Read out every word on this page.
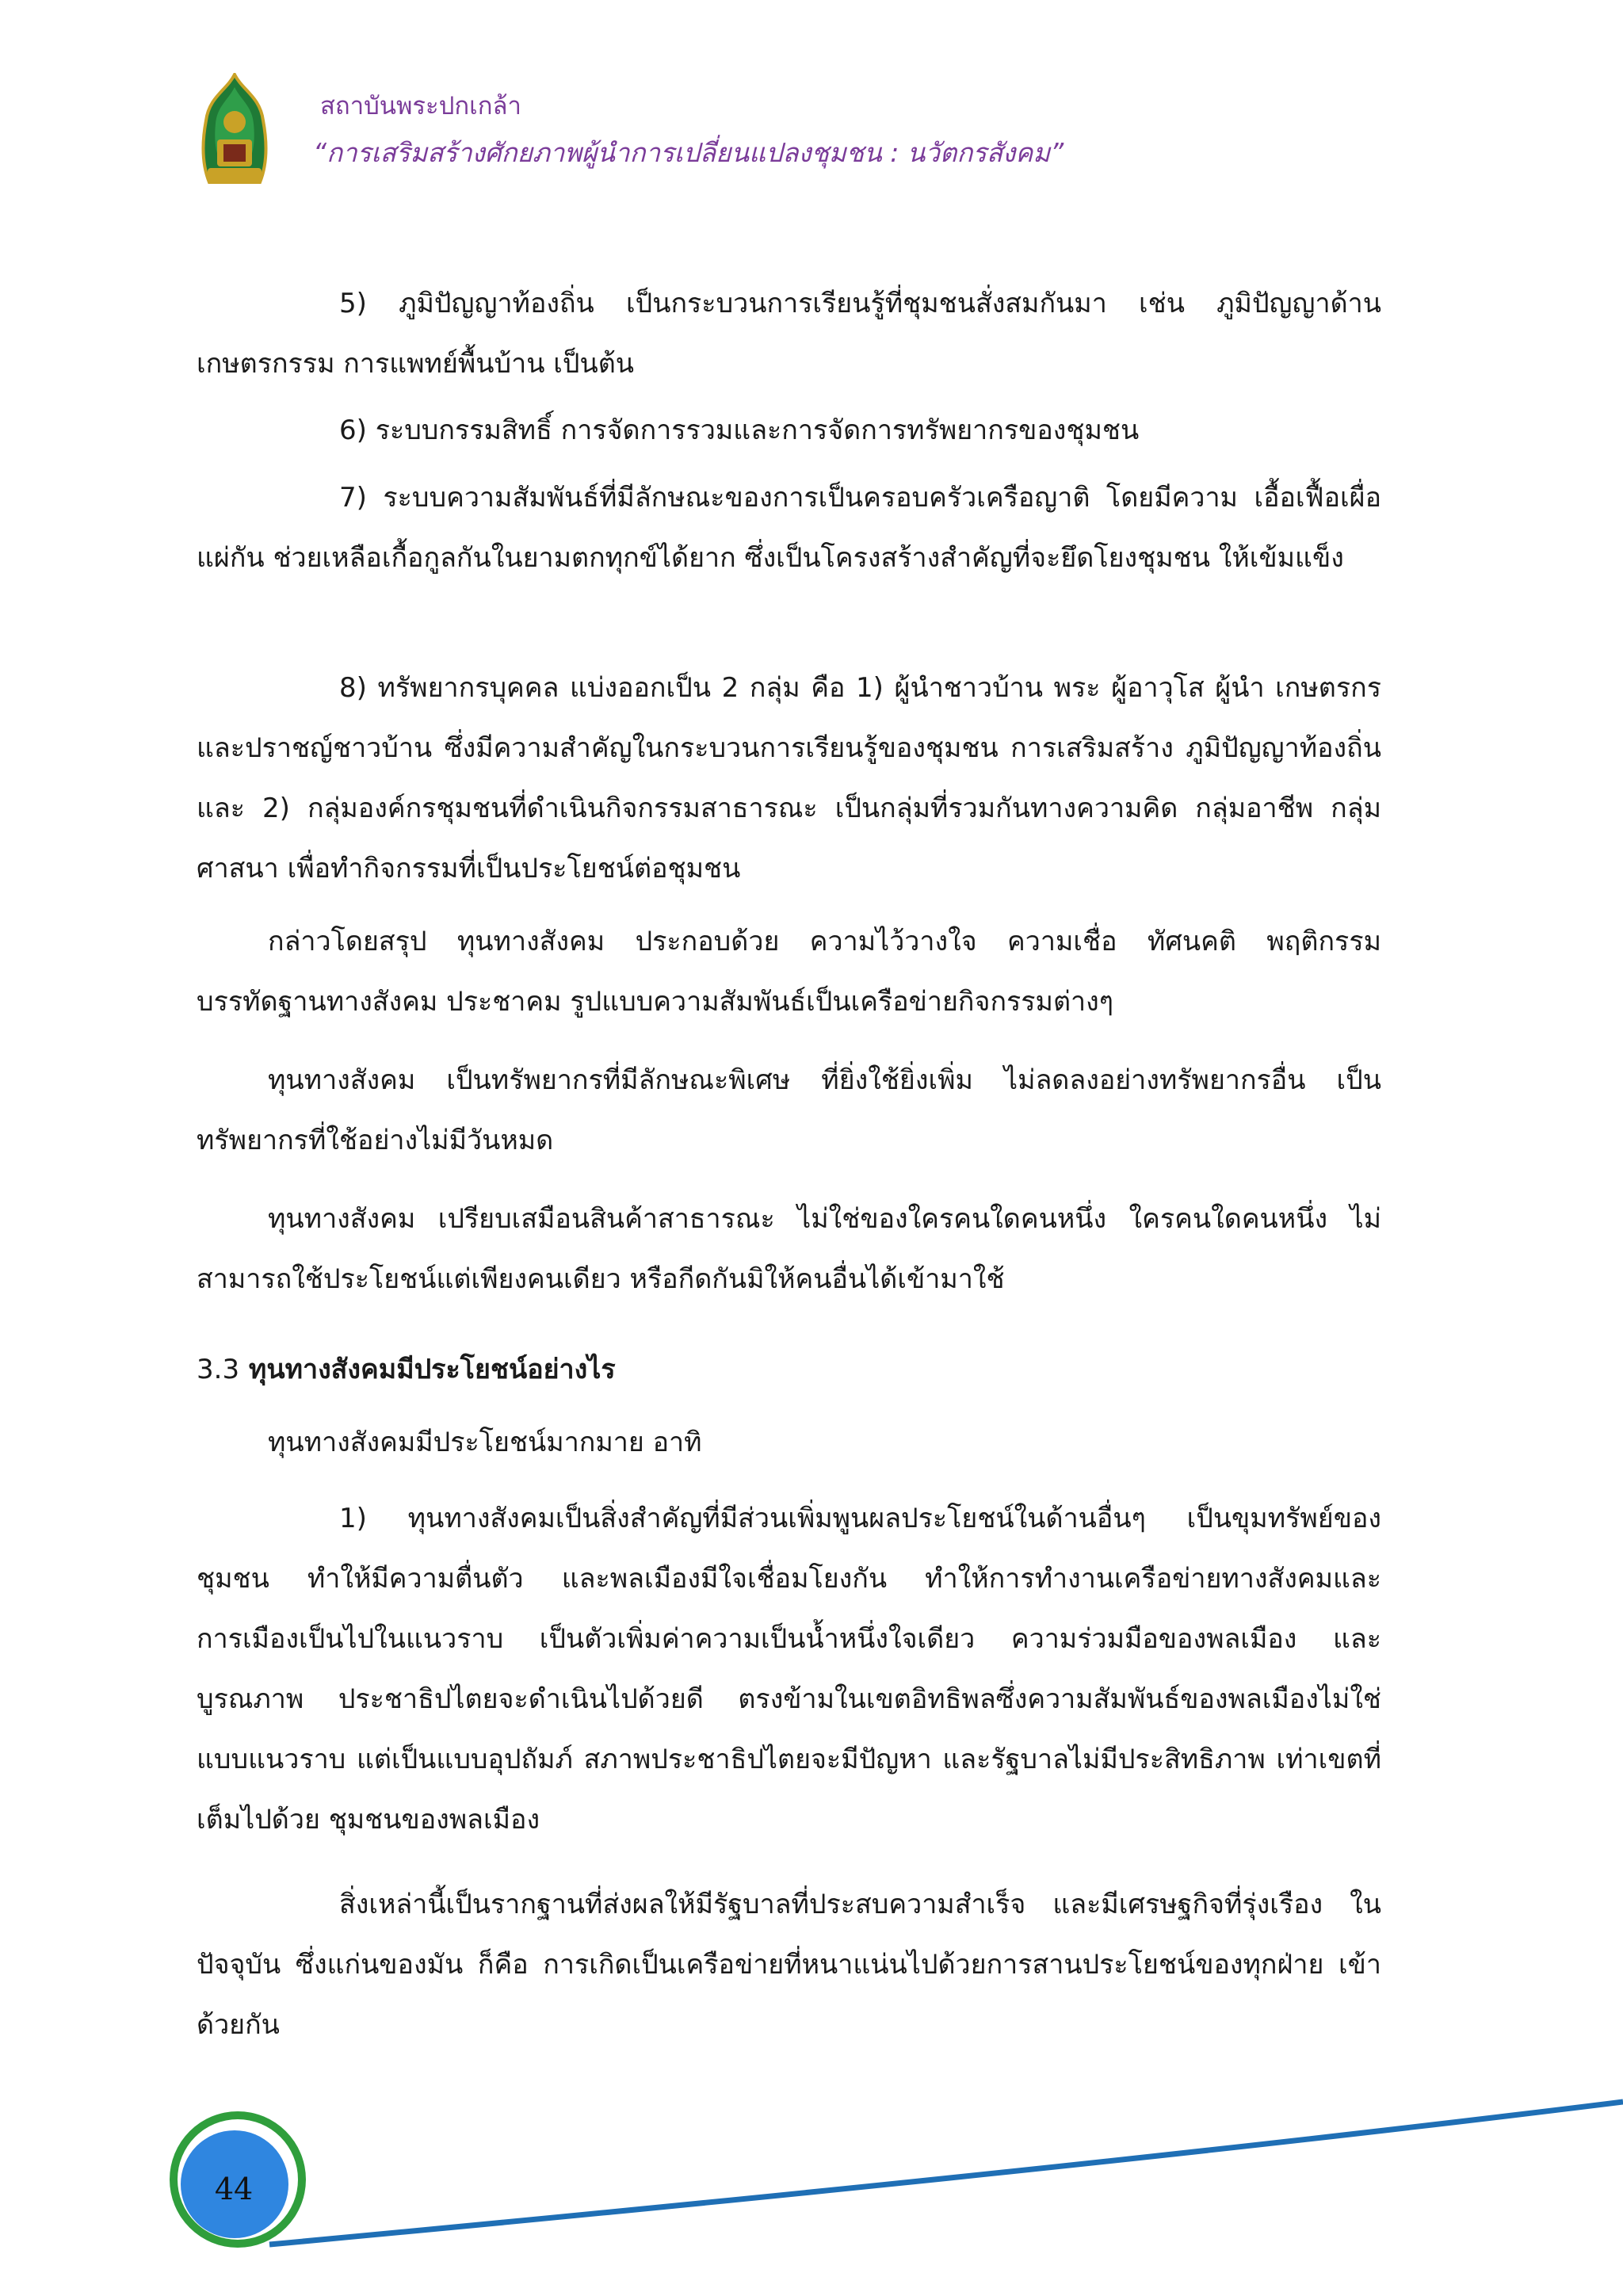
สถาบันพระปกเกล้า
“การเสริมสร้างศักยภาพผู้นำการเปลี่ยนแปลงชุมชน : นวัตกรสังคม”

5) ภูมิปัญญาท้องถิ่น เป็นกระบวนการเรียนรู้ที่ชุมชนสั่งสมกันมา เช่น ภูมิปัญญาด้าน เกษตรกรรม การแพทย์พื้นบ้าน เป็นต้น

6) ระบบกรรมสิทธิ์ การจัดการรวมและการจัดการทรัพยากรของชุมชน

7) ระบบความสัมพันธ์ที่มีลักษณะของการเป็นครอบครัวเครือญาติ โดยมีความ เอื้อเฟื้อเผื่อแผ่กัน ช่วยเหลือเกื้อกูลกันในยามตกทุกข์ได้ยาก ซึ่งเป็นโครงสร้างสำคัญที่จะยึดโยงชุมชน ให้เข้มแข็ง

8) ทรัพยากรบุคคล แบ่งออกเป็น 2 กลุ่ม คือ 1) ผู้นำชาวบ้าน พระ ผู้อาวุโส ผู้นำ เกษตรกร และปราชญ์ชาวบ้าน ซึ่งมีความสำคัญในกระบวนการเรียนรู้ของชุมชน การเสริมสร้าง ภูมิปัญญาท้องถิ่น และ 2) กลุ่มองค์กรชุมชนที่ดำเนินกิจกรรมสาธารณะ เป็นกลุ่มที่รวมกันทางความคิด กลุ่มอาชีพ กลุ่มศาสนา เพื่อทำกิจกรรมที่เป็นประโยชน์ต่อชุมชน

กล่าวโดยสรุป ทุนทางสังคม ประกอบด้วย ความไว้วางใจ ความเชื่อ ทัศนคติ พฤติกรรม บรรทัดฐานทางสังคม ประชาคม รูปแบบความสัมพันธ์เป็นเครือข่ายกิจกรรมต่างๆ

ทุนทางสังคม เป็นทรัพยากรที่มีลักษณะพิเศษ ที่ยิ่งใช้ยิ่งเพิ่ม ไม่ลดลงอย่างทรัพยากรอื่น เป็นทรัพยากรที่ใช้อย่างไม่มีวันหมด

ทุนทางสังคม เปรียบเสมือนสินค้าสาธารณะ ไม่ใช่ของใครคนใดคนหนึ่ง ใครคนใดคนหนึ่ง ไม่สามารถใช้ประโยชน์แต่เพียงคนเดียว หรือกีดกันมิให้คนอื่นได้เข้ามาใช้

3.3 ทุนทางสังคมมีประโยชน์อย่างไร

ทุนทางสังคมมีประโยชน์มากมาย อาทิ

1) ทุนทางสังคมเป็นสิ่งสำคัญที่มีส่วนเพิ่มพูนผลประโยชน์ในด้านอื่นๆ เป็นขุมทรัพย์ของ ชุมชน ทำให้มีความตื่นตัว และพลเมืองมีใจเชื่อมโยงกัน ทำให้การทำงานเครือข่ายทางสังคมและ การเมืองเป็นไปในแนวราบ เป็นตัวเพิ่มค่าความเป็นน้ำหนึ่งใจเดียว ความร่วมมือของพลเมือง และ บูรณภาพ ประชาธิปไตยจะดำเนินไปด้วยดี ตรงข้ามในเขตอิทธิพลซึ่งความสัมพันธ์ของพลเมืองไม่ใช่ แบบแนวราบ แต่เป็นแบบอุปถัมภ์ สภาพประชาธิปไตยจะมีปัญหา และรัฐบาลไม่มีประสิทธิภาพ เท่าเขตที่เต็มไปด้วย ชุมชนของพลเมือง

สิ่งเหล่านี้เป็นรากฐานที่ส่งผลให้มีรัฐบาลที่ประสบความสำเร็จ และมีเศรษฐกิจที่รุ่งเรือง ในปัจจุบัน ซึ่งแก่นของมัน ก็คือ การเกิดเป็นเครือข่ายที่หนาแน่นไปด้วยการสานประโยชน์ของทุกฝ่าย เข้าด้วยกัน

44
